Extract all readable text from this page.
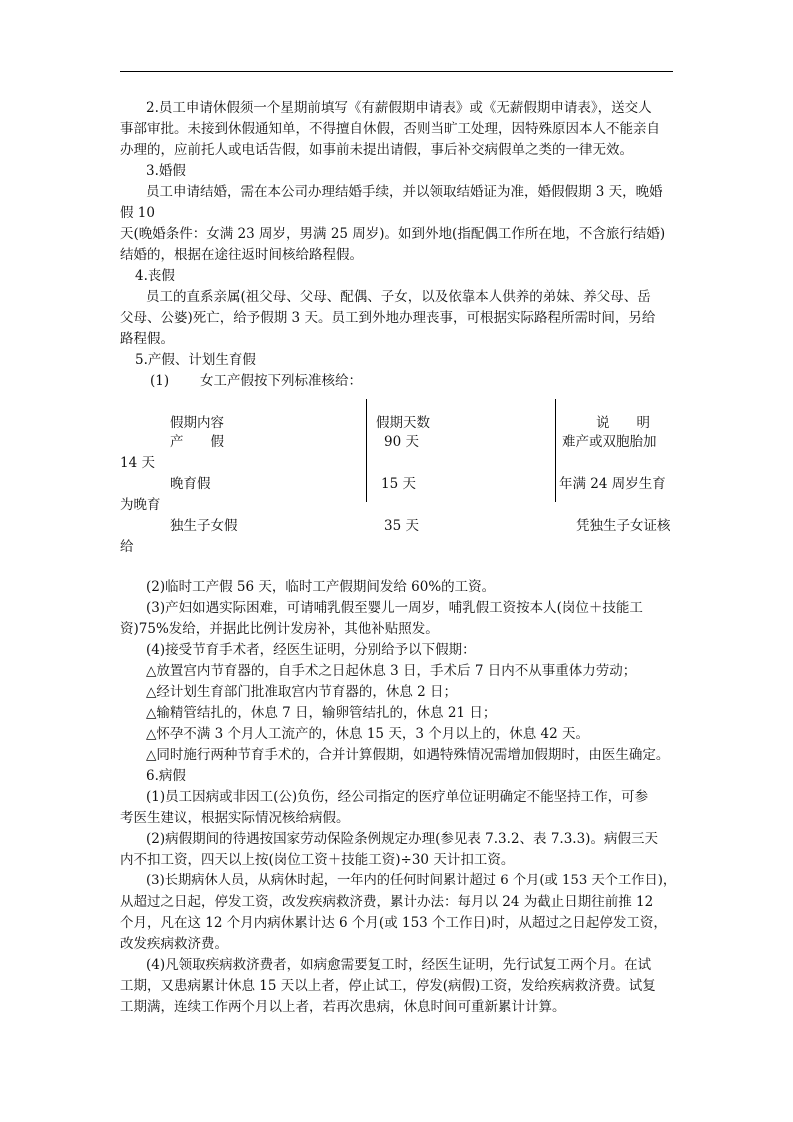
2.员工申请休假须一个星期前填写《有薪假期申请表》或《无薪假期申请表》，送交人
事部审批。未接到休假通知单，不得擅自休假，否则当旷工处理，因特殊原因本人不能亲自
办理的，应前托人或电话告假，如事前未提出请假，事后补交病假单之类的一律无效。
3.婚假
员工申请结婚，需在本公司办理结婚手续，并以领取结婚证为准，婚假假期 3 天，晚婚
假 10
天(晚婚条件：女满 23 周岁，男满 25 周岁)。如到外地(指配偶工作所在地，不含旅行结婚)
结婚的，根据在途往返时间核给路程假。
4.丧假
员工的直系亲属(祖父母、父母、配偶、子女，以及依靠本人供养的弟妹、养父母、岳
父母、公婆)死亡，给予假期 3 天。员工到外地办理丧事，可根据实际路程所需时间，另给
路程假。
5.产假、计划生育假
(1) 女工产假按下列标准核给：
假期内容	假期天数	说　　明
产　　假	90 天	难产或双胞胎加
14 天
晚育假	15 天	年满 24 周岁生育
为晚育
独生子女假	35 天	凭独生子女证核
给
(2)临时工产假 56 天，临时工产假期间发给 60%的工资。
(3)产妇如遇实际困难，可请哺乳假至婴儿一周岁，哺乳假工资按本人(岗位＋技能工
资)75%发给，并据此比例计发房补，其他补贴照发。
(4)接受节育手术者，经医生证明，分别给予以下假期：
△放置宫内节育器的，自手术之日起休息 3 日，手术后 7 日内不从事重体力劳动；
△经计划生育部门批准取宫内节育器的，休息 2 日；
△输精管结扎的，休息 7 日，输卵管结扎的，休息 21 日；
△怀孕不满 3 个月人工流产的，休息 15 天，3 个月以上的，休息 42 天。
△同时施行两种节育手术的，合并计算假期，如遇特殊情况需增加假期时，由医生确定。
6.病假
(1)员工因病或非因工(公)负伤，经公司指定的医疗单位证明确定不能坚持工作，可参
考医生建议，根据实际情况核给病假。
(2)病假期间的待遇按国家劳动保险条例规定办理(参见表 7.3.2、表 7.3.3)。病假三天
内不扣工资，四天以上按(岗位工资＋技能工资)÷30 天计扣工资。
(3)长期病休人员，从病休时起，一年内的任何时间累计超过 6 个月(或 153 天个工作日)，
从超过之日起，停发工资，改发疾病救济费，累计办法：每月以 24 为截止日期往前推 12
个月，凡在这 12 个月内病休累计达 6 个月(或 153 个工作日)时，从超过之日起停发工资，
改发疾病救济费。
(4)凡领取疾病救济费者，如病愈需要复工时，经医生证明，先行试复工两个月。在试
工期，又患病累计休息 15 天以上者，停止试工，停发(病假)工资，发给疾病救济费。试复
工期满，连续工作两个月以上者，若再次患病，休息时间可重新累计计算。
